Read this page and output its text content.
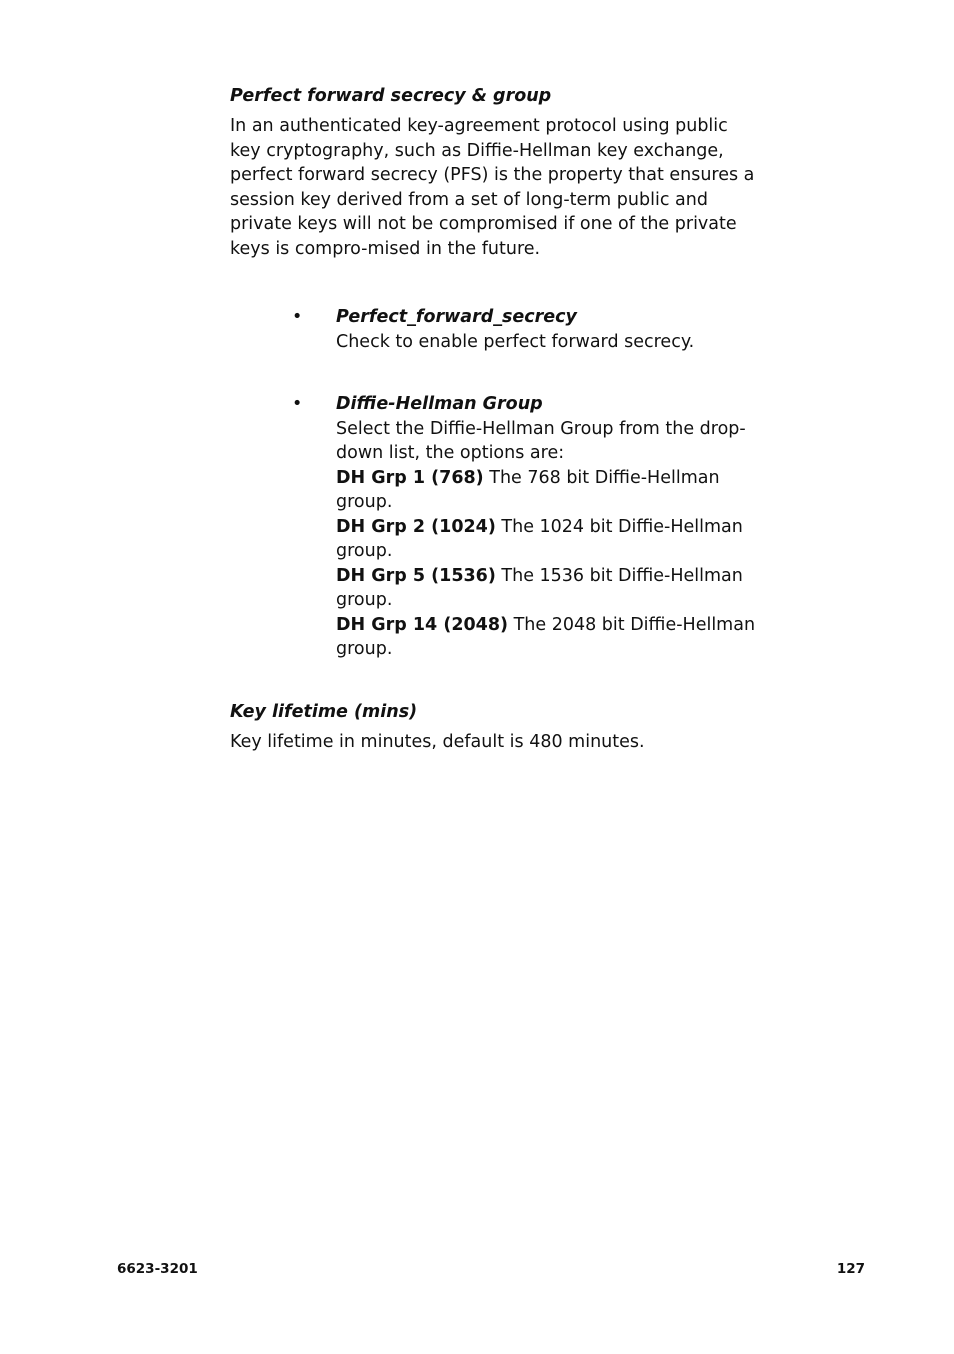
Perfect forward secrecy & group

In an authenticated key-agreement protocol using public key cryptography, such as Diffie-Hellman key exchange, perfect forward secrecy (PFS) is the property that ensures a session key derived from a set of long-term public and private keys will not be compromised if one of the private keys is compro-mised in the future.

• Perfect_forward_secrecy
Check to enable perfect forward secrecy.
• Diffie-Hellman Group
Select the Diffie-Hellman Group from the drop-down list, the options are:
DH Grp 1 (768) The 768 bit Diffie-Hellman group.
DH Grp 2 (1024) The 1024 bit Diffie-Hellman group.
DH Grp 5 (1536) The 1536 bit Diffie-Hellman group.
DH Grp 14 (2048) The 2048 bit Diffie-Hellman group.
Key lifetime (mins)

Key lifetime in minutes, default is 480 minutes.

6623-3201	127
